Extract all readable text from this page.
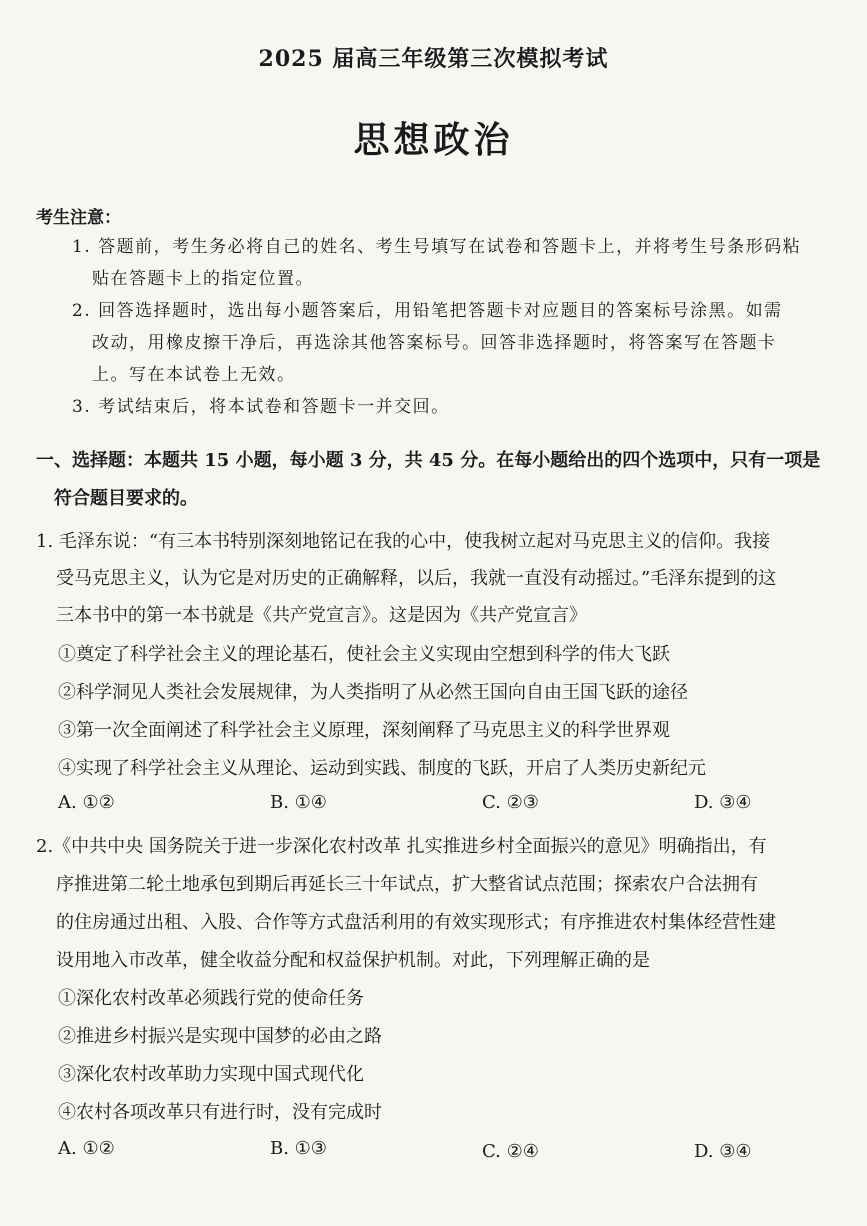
2025 届高三年级第三次模拟考试
思想政治
考生注意：
1. 答题前，考生务必将自己的姓名、考生号填写在试卷和答题卡上，并将考生号条形码粘
贴在答题卡上的指定位置。
2. 回答选择题时，选出每小题答案后，用铅笔把答题卡对应题目的答案标号涂黑。如需
改动，用橡皮擦干净后，再选涂其他答案标号。回答非选择题时，将答案写在答题卡
上。写在本试卷上无效。
3. 考试结束后，将本试卷和答题卡一并交回。
一、选择题：本题共 15 小题，每小题 3 分，共 45 分。在每小题给出的四个选项中，只有一项是
符合题目要求的。
1. 毛泽东说：“有三本书特别深刻地铭记在我的心中，使我树立起对马克思主义的信仰。我接
受马克思主义，认为它是对历史的正确解释，以后，我就一直没有动摇过。”毛泽东提到的这
三本书中的第一本书就是《共产党宣言》。这是因为《共产党宣言》
①奠定了科学社会主义的理论基石，使社会主义实现由空想到科学的伟大飞跃
②科学洞见人类社会发展规律，为人类指明了从必然王国向自由王国飞跃的途径
③第一次全面阐述了科学社会主义原理，深刻阐释了马克思主义的科学世界观
④实现了科学社会主义从理论、运动到实践、制度的飞跃，开启了人类历史新纪元
A. ①②	B. ①④	C. ②③	D. ③④
2.《中共中央 国务院关于进一步深化农村改革 扎实推进乡村全面振兴的意见》明确指出，有
序推进第二轮土地承包到期后再延长三十年试点，扩大整省试点范围；探索农户合法拥有
的住房通过出租、入股、合作等方式盘活利用的有效实现形式；有序推进农村集体经营性建
设用地入市改革，健全收益分配和权益保护机制。对此，下列理解正确的是
①深化农村改革必须践行党的使命任务
②推进乡村振兴是实现中国梦的必由之路
③深化农村改革助力实现中国式现代化
④农村各项改革只有进行时，没有完成时
A. ①②	B. ①③	C. ②④	D. ③④
